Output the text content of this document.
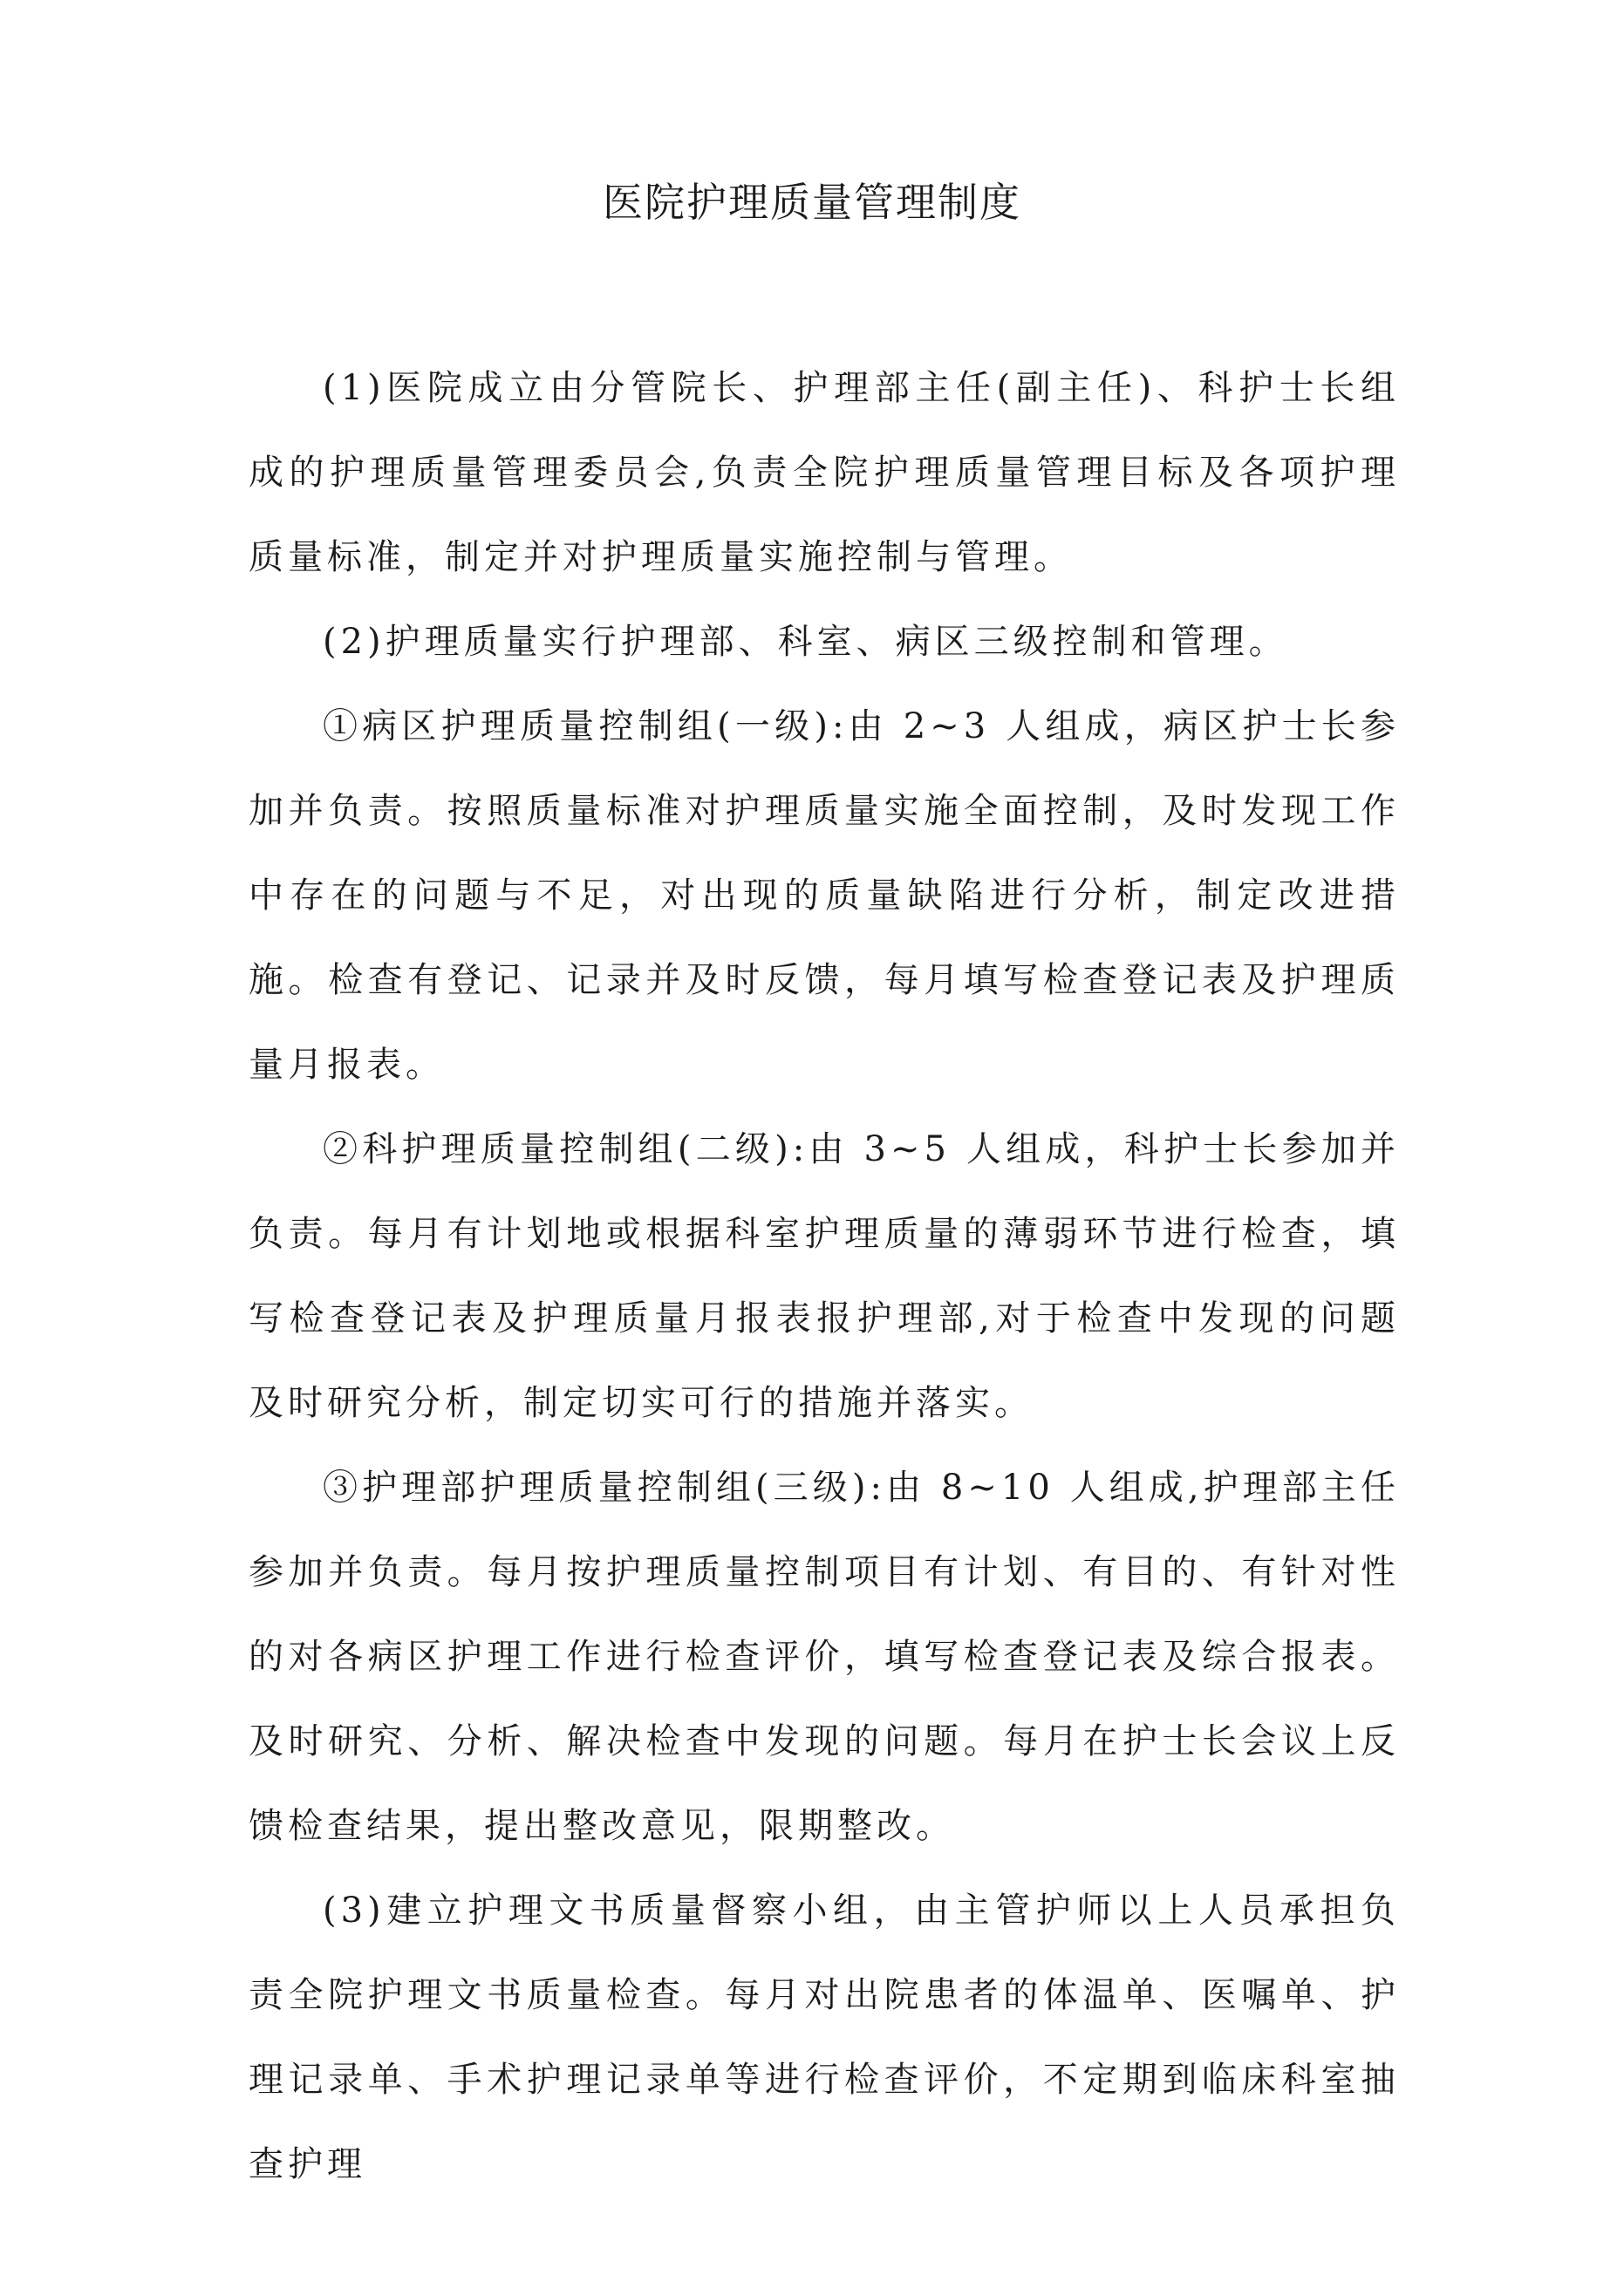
医院护理质量管理制度

(1)医院成立由分管院长、护理部主任(副主任)、科护士长组成的护理质量管理委员会,负责全院护理质量管理目标及各项护理质量标准，制定并对护理质量实施控制与管理。

(2)护理质量实行护理部、科室、病区三级控制和管理。

①病区护理质量控制组(一级):由 2~3 人组成，病区护士长参加并负责。按照质量标准对护理质量实施全面控制，及时发现工作中存在的问题与不足，对出现的质量缺陷进行分析，制定改进措施。检查有登记、记录并及时反馈，每月填写检查登记表及护理质量月报表。

②科护理质量控制组(二级):由 3~5 人组成，科护士长参加并负责。每月有计划地或根据科室护理质量的薄弱环节进行检查，填写检查登记表及护理质量月报表报护理部,对于检查中发现的问题及时研究分析，制定切实可行的措施并落实。

③护理部护理质量控制组(三级):由 8~10 人组成,护理部主任参加并负责。每月按护理质量控制项目有计划、有目的、有针对性的对各病区护理工作进行检查评价，填写检查登记表及综合报表。及时研究、分析、解决检查中发现的问题。每月在护士长会议上反馈检查结果，提出整改意见，限期整改。

(3)建立护理文书质量督察小组，由主管护师以上人员承担负责全院护理文书质量检查。每月对出院患者的体温单、医嘱单、护理记录单、手术护理记录单等进行检查评价，不定期到临床科室抽查护理
